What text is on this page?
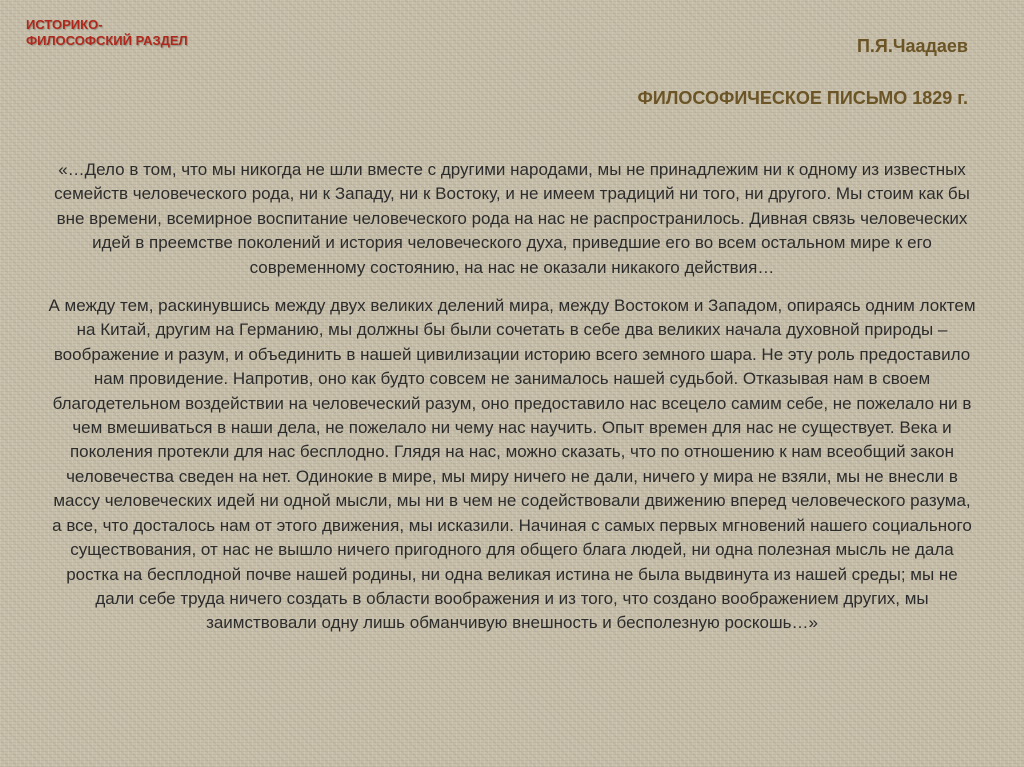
ИСТОРИКО-
ФИЛОСОФСКИЙ РАЗДЕЛ	П.Я.Чаадаев
ФИЛОСОФИЧЕСКОЕ ПИСЬМО 1829 г.

«…Дело в том, что мы никогда не шли вместе с другими народами, мы не принадлежим ни к одному из известных семейств человеческого рода, ни к Западу, ни к Востоку, и не имеем традиций ни того, ни другого. Мы стоим как бы вне времени, всемирное воспитание человеческого рода на нас не распространилось. Дивная связь человеческих идей в преемстве поколений и история человеческого духа, приведшие его во всем остальном мире к его современному состоянию, на нас не оказали никакого действия…

А между тем, раскинувшись между двух великих делений мира, между Востоком и Западом, опираясь одним локтем на Китай, другим на Германию, мы должны бы были сочетать в себе два великих начала духовной природы – воображение и разум, и объединить в нашей цивилизации историю всего земного шара. Не эту роль предоставило нам провидение. Напротив, оно как будто совсем не занималось нашей судьбой. Отказывая нам в своем благодетельном воздействии на человеческий разум, оно предоставило нас всецело самим себе, не пожелало ни в чем вмешиваться в наши дела, не пожелало ни чему нас научить. Опыт времен для нас не существует. Века и поколения протекли для нас бесплодно. Глядя на нас, можно сказать, что по отношению к нам всеобщий закон человечества сведен на нет. Одинокие в мире, мы миру ничего не дали, ничего у мира не взяли, мы не внесли в массу человеческих идей ни одной мысли, мы ни в чем не содействовали движению вперед человеческого разума, а все, что досталось нам от этого движения, мы исказили. Начиная с самых первых мгновений нашего социального существования, от нас не вышло ничего пригодного для общего блага людей, ни одна полезная мысль не дала ростка на бесплодной почве нашей родины, ни одна великая истина не была выдвинута из нашей среды; мы не дали себе труда ничего создать в области воображения и из того, что создано воображением других, мы заимствовали одну лишь обманчивую внешность и бесполезную роскошь…»
